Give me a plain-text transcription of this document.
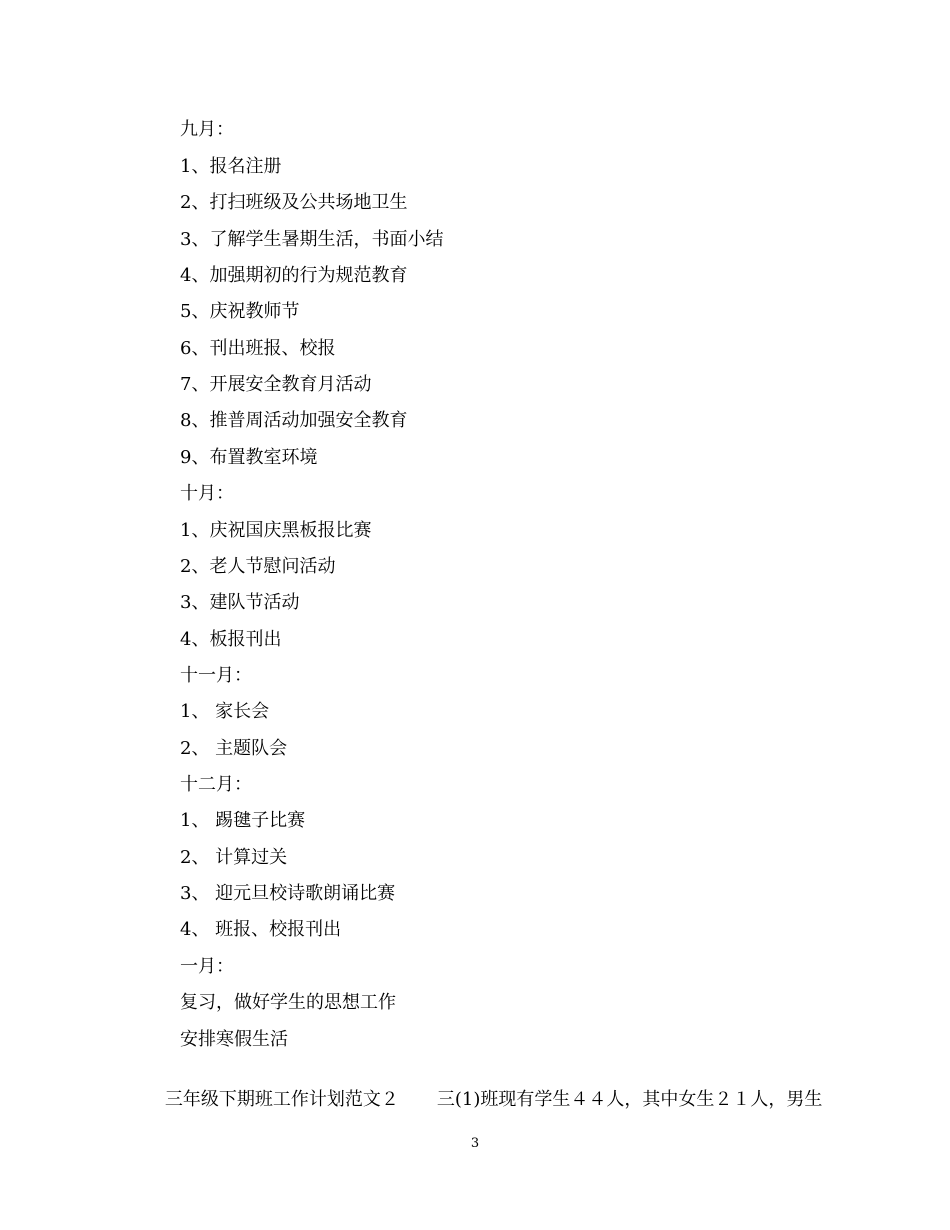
九月：
1、报名注册
2、打扫班级及公共场地卫生
3、了解学生暑期生活，书面小结
4、加强期初的行为规范教育
5、庆祝教师节
6、刊出班报、校报
7、开展安全教育月活动
8、推普周活动加强安全教育
9、布置教室环境
十月：
1、庆祝国庆黑板报比赛
2、老人节慰问活动
3、建队节活动
4、板报刊出
十一月：
1、 家长会
2、 主题队会
十二月：
1、 踢毽子比赛
2、 计算过关
3、 迎元旦校诗歌朗诵比赛
4、 班报、校报刊出
一月：
复习，做好学生的思想工作
安排寒假生活

三年级下期班工作计划范文２ 三(1)班现有学生４４人，其中女生２１人，男生

3
